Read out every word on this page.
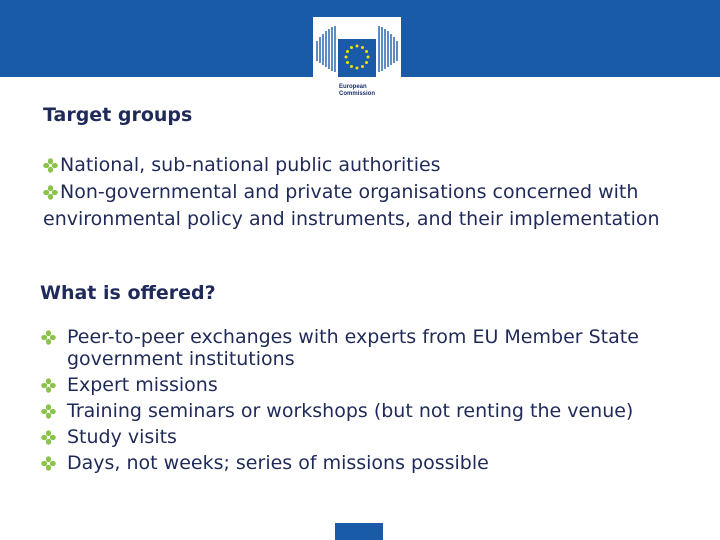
European
Commission
Target groups
National, sub-national public authorities
Non-governmental and private organisations concerned with environmental policy and instruments, and their implementation
What is offered?
Peer-to-peer exchanges with experts from EU Member State government institutions
Expert missions
Training seminars or workshops (but not renting the venue)
Study visits
Days, not weeks; series of missions possible
